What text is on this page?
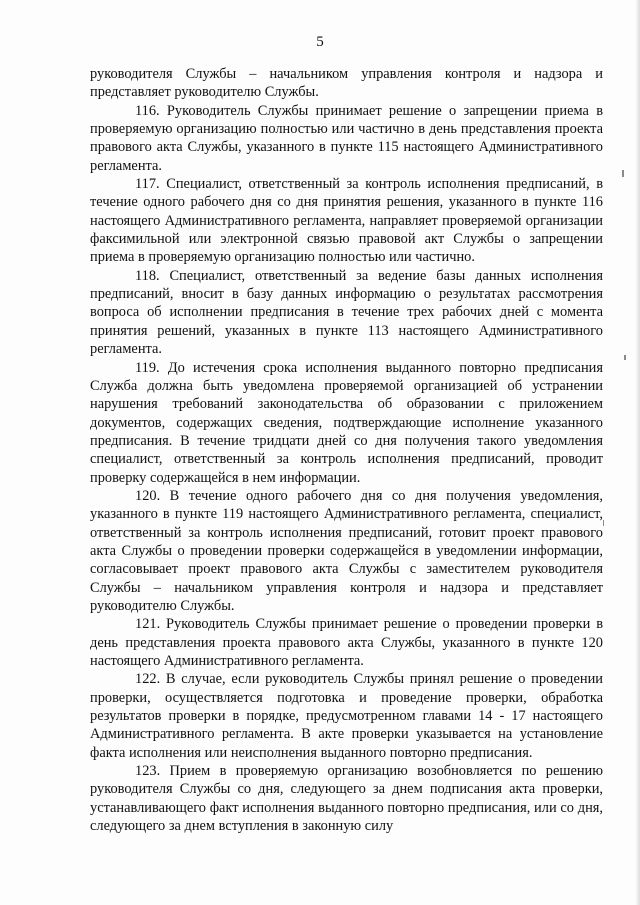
5

руководителя Службы – начальником управления контроля и надзора и представляет руководителю Службы.

116. Руководитель Службы принимает решение о запрещении приема в проверяемую организацию полностью или частично в день представления проекта правового акта Службы, указанного в пункте 115 настоящего Административного регламента.

117. Специалист, ответственный за контроль исполнения предписаний, в течение одного рабочего дня со дня принятия решения, указанного в пункте 116 настоящего Административного регламента, направляет проверяемой организации факсимильной или электронной связью правовой акт Службы о запрещении приема в проверяемую организацию полностью или частично.

118. Специалист, ответственный за ведение базы данных исполнения предписаний, вносит в базу данных информацию о результатах рассмотрения вопроса об исполнении предписания в течение трех рабочих дней с момента принятия решений, указанных в пункте 113 настоящего Административного регламента.

119. До истечения срока исполнения выданного повторно предписания Служба должна быть уведомлена проверяемой организацией об устранении нарушения требований законодательства об образовании с приложением документов, содержащих сведения, подтверждающие исполнение указанного предписания. В течение тридцати дней со дня получения такого уведомления специалист, ответственный за контроль исполнения предписаний, проводит проверку содержащейся в нем информации.

120. В течение одного рабочего дня со дня получения уведомления, указанного в пункте 119 настоящего Административного регламента, специалист, ответственный за контроль исполнения предписаний, готовит проект правового акта Службы о проведении проверки содержащейся в уведомлении информации, согласовывает проект правового акта Службы с заместителем руководителя Службы – начальником управления контроля и надзора и представляет руководителю Службы.

121. Руководитель Службы принимает решение о проведении проверки в день представления проекта правового акта Службы, указанного в пункте 120 настоящего Административного регламента.

122. В случае, если руководитель Службы принял решение о проведении проверки, осуществляется подготовка и проведение проверки, обработка результатов проверки в порядке, предусмотренном главами 14 - 17 настоящего Административного регламента. В акте проверки указывается на установление факта исполнения или неисполнения выданного повторно предписания.

123. Прием в проверяемую организацию возобновляется по решению руководителя Службы со дня, следующего за днем подписания акта проверки, устанавливающего факт исполнения выданного повторно предписания, или со дня, следующего за днем вступления в законную силу
